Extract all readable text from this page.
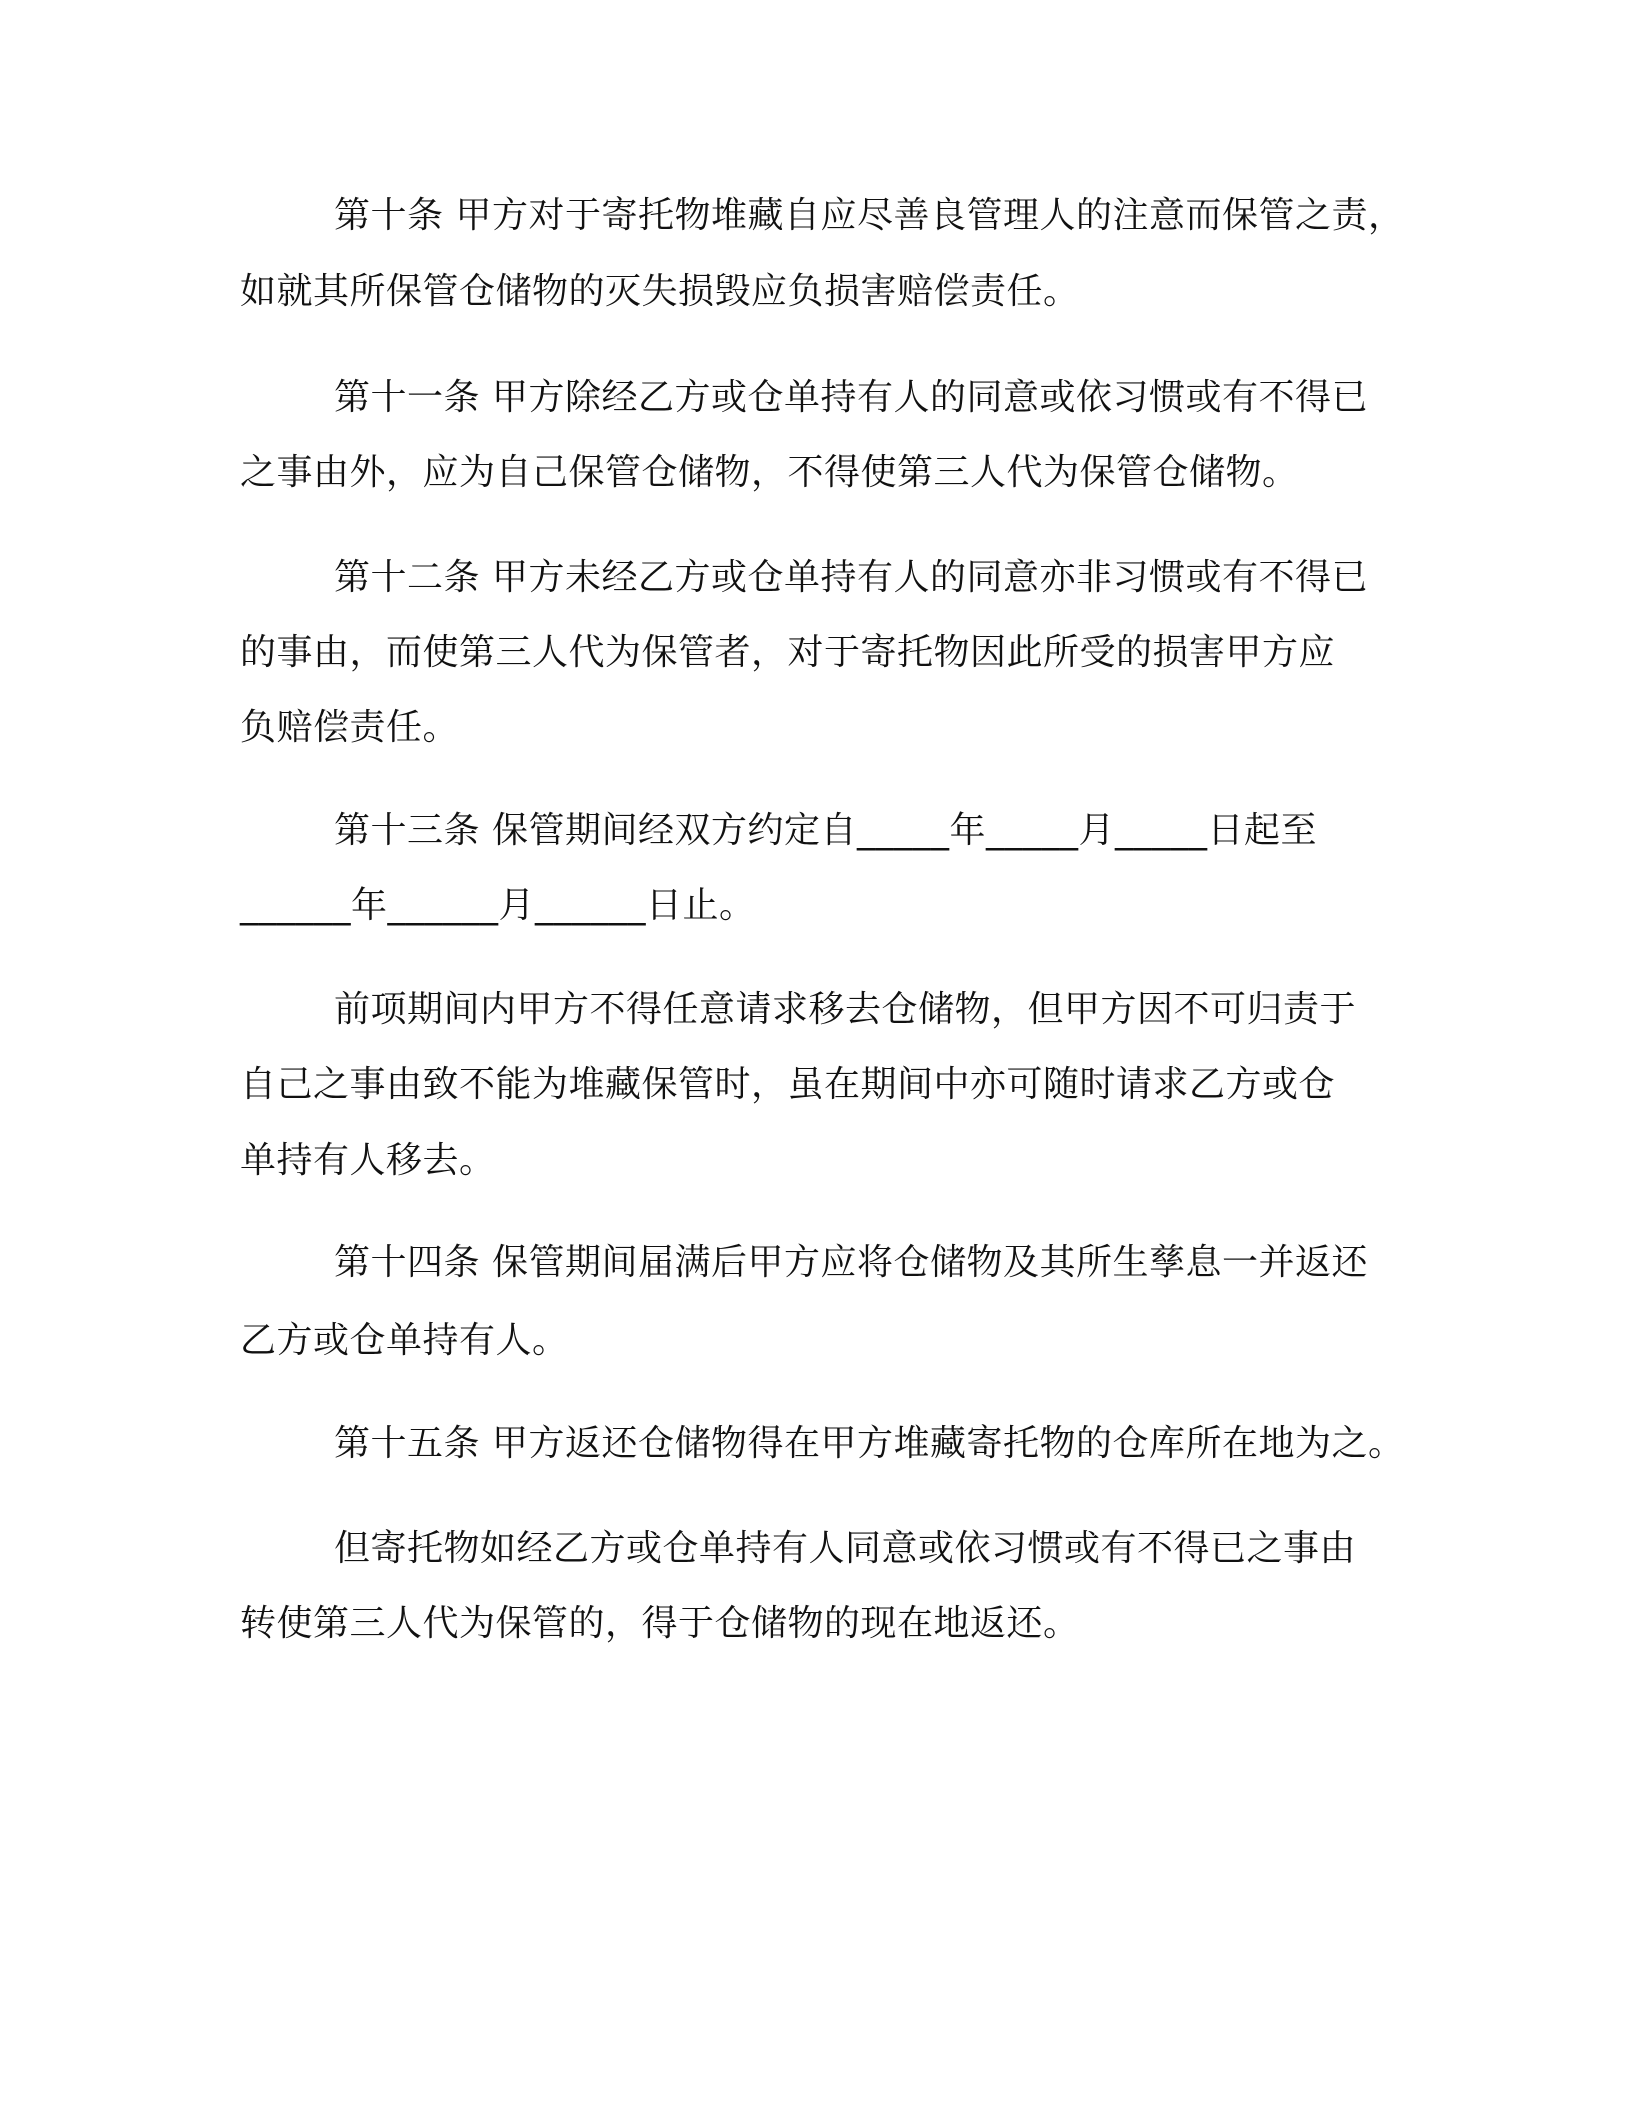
第十条 甲方对于寄托物堆藏自应尽善良管理人的注意而保管之责，
如就其所保管仓储物的灭失损毁应负损害赔偿责任。
第十一条 甲方除经乙方或仓单持有人的同意或依习惯或有不得已
之事由外，应为自己保管仓储物，不得使第三人代为保管仓储物。
第十二条 甲方未经乙方或仓单持有人的同意亦非习惯或有不得已
的事由，而使第三人代为保管者，对于寄托物因此所受的损害甲方应
负赔偿责任。
第十三条 保管期间经双方约定自_____年_____月_____日起至
______年______月______日止。
前项期间内甲方不得任意请求移去仓储物，但甲方因不可归责于
自己之事由致不能为堆藏保管时，虽在期间中亦可随时请求乙方或仓
单持有人移去。
第十四条 保管期间届满后甲方应将仓储物及其所生孳息一并返还
乙方或仓单持有人。
第十五条 甲方返还仓储物得在甲方堆藏寄托物的仓库所在地为之。
但寄托物如经乙方或仓单持有人同意或依习惯或有不得已之事由
转使第三人代为保管的，得于仓储物的现在地返还。
